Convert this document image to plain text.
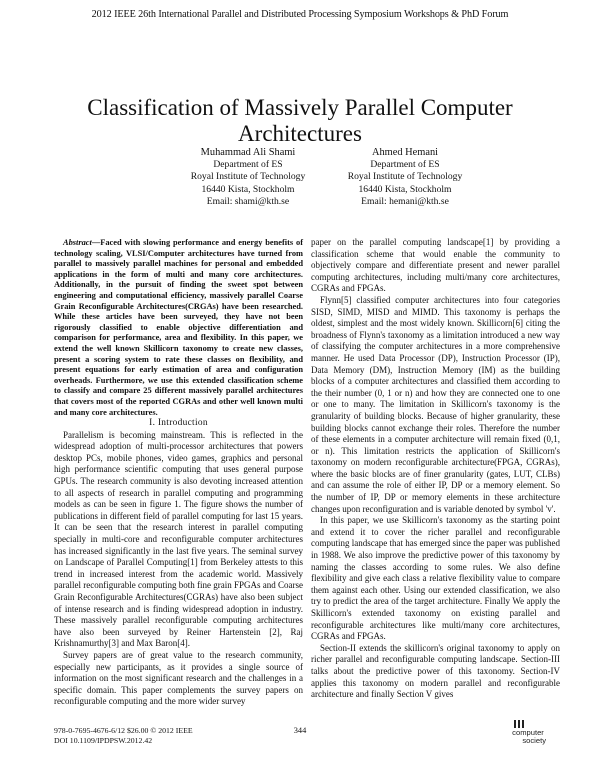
2012 IEEE 26th International Parallel and Distributed Processing Symposium Workshops & PhD Forum
Classification of Massively Parallel Computer Architectures
Muhammad Ali Shami
Department of ES
Royal Institute of Technology
16440 Kista, Stockholm
Email: shami@kth.se
Ahmed Hemani
Department of ES
Royal Institute of Technology
16440 Kista, Stockholm
Email: hemani@kth.se

Abstract—Faced with slowing performance and energy benefits of technology scaling, VLSI/Computer architectures have turned from parallel to massively parallel machines for personal and embedded applications in the form of multi and many core architectures. Additionally, in the pursuit of finding the sweet spot between engineering and computational efficiency, massively parallel Coarse Grain Reconfigurable Architectures(CRGAs) have been researched. While these articles have been surveyed, they have not been rigorously classified to enable objective differentiation and comparison for performance, area and flexibility. In this paper, we extend the well known Skillicorn taxonomy to create new classes, present a scoring system to rate these classes on flexibility, and present equations for early estimation of area and configuration overheads. Furthermore, we use this extended classification scheme to classify and compare 25 different massively parallel architectures that covers most of the reported CGRAs and other well known multi and many core architectures.

I. Introduction

Parallelism is becoming mainstream. This is reflected in the widespread adoption of multi-processor architectures that powers desktop PCs, mobile phones, video games, graphics and personal high performance scientific computing that uses general purpose GPUs. The research community is also devoting increased attention to all aspects of research in parallel computing and programming models as can be seen in figure 1. The figure shows the number of publications in different field of parallel computing for last 15 years. It can be seen that the research interest in parallel computing specially in multi-core and reconfigurable computer architectures has increased significantly in the last five years. The seminal survey on Landscape of Parallel Computing[1] from Berkeley attests to this trend in increased interest from the academic world. Massively parallel reconfigurable computing both fine grain FPGAs and Coarse Grain Reconfigurable Architectures(CGRAs) have also been subject of intense research and is finding widespread adoption in industry. These massively parallel reconfigurable computing architectures have also been surveyed by Reiner Hartenstein [2], Raj Krishnamurthy[3] and Max Baron[4].

Survey papers are of great value to the research community, especially new participants, as it provides a single source of information on the most significant research and the challenges in a specific domain. This paper complements the survey papers on reconfigurable computing and the more wider survey

paper on the parallel computing landscape[1] by providing a classification scheme that would enable the community to objectively compare and differentiate present and newer parallel computing architectures, including multi/many core architectures, CGRAs and FPGAs.

Flynn[5] classified computer architectures into four categories SISD, SIMD, MISD and MIMD. This taxonomy is perhaps the oldest, simplest and the most widely known. Skillicorn[6] citing the broadness of Flynn's taxonomy as a limitation introduced a new way of classifying the computer architectures in a more comprehensive manner. He used Data Processor (DP), Instruction Processor (IP), Data Memory (DM), Instruction Memory (IM) as the building blocks of a computer architectures and classified them according to the their number (0, 1 or n) and how they are connected one to one or one to many. The limitation in Skillicorn's taxonomy is the granularity of building blocks. Because of higher granularity, these building blocks cannot exchange their roles. Therefore the number of these elements in a computer architecture will remain fixed (0,1, or n). This limitation restricts the application of Skillicorn's taxonomy on modern reconfigurable architecture(FPGA, CGRAs), where the basic blocks are of finer granularity (gates, LUT, CLBs) and can assume the role of either IP, DP or a memory element. So the number of IP, DP or memory elements in these architecture changes upon reconfiguration and is variable denoted by symbol 'v'.

In this paper, we use Skillicorn's taxonomy as the starting point and extend it to cover the richer parallel and reconfigurable computing landscape that has emerged since the paper was published in 1988. We also improve the predictive power of this taxonomy by naming the classes according to some rules. We also define flexibility and give each class a relative flexibility value to compare them against each other. Using our extended classification, we also try to predict the area of the target architecture. Finally We apply the Skillicorn's extended taxonomy on existing parallel and reconfigurable architectures like multi/many core architectures, CGRAs and FPGAs.

Section-II extends the skillicorn's original taxonomy to apply on richer parallel and reconfigurable computing landscape. Section-III talks about the predictive power of this taxonomy. Section-IV applies this taxonomy on modern parallel and reconfigurable architecture and finally Section V gives

978-0-7695-4676-6/12 $26.00 © 2012 IEEE
DOI 10.1109/IPDPSW.2012.42
344	computer
society
